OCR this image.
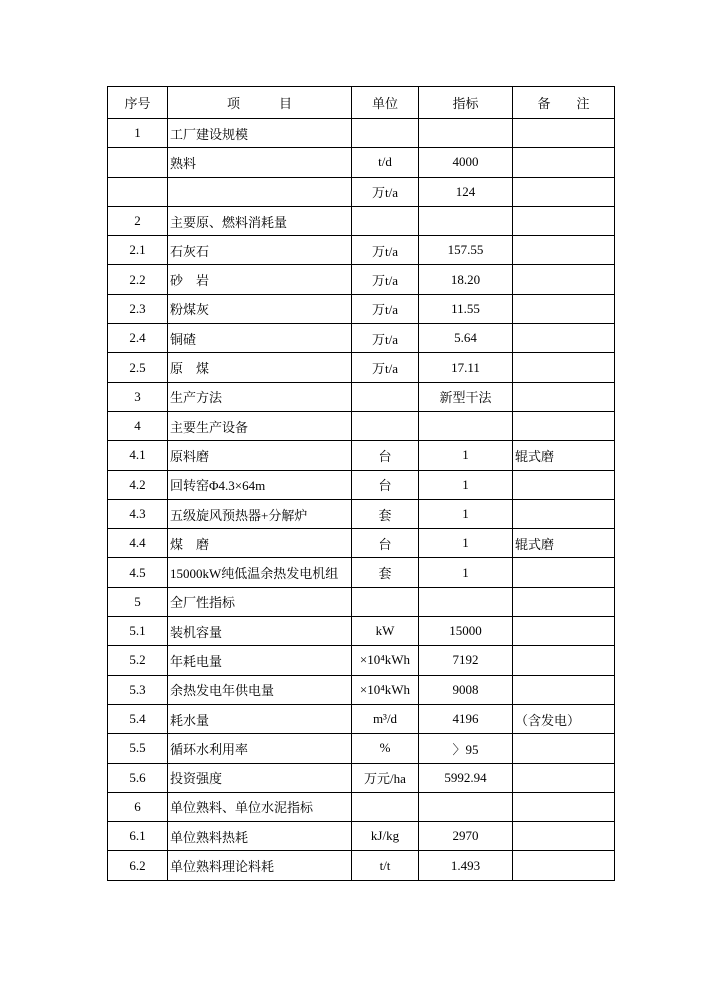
序号	项　　　目	单位	指标	备　　注
1	工厂建设规模			
	熟料	t/d	4000	
		万t/a	124	
2	主要原、燃料消耗量			
2.1	石灰石	万t/a	157.55	
2.2	砂　岩	万t/a	18.20	
2.3	粉煤灰	万t/a	11.55	
2.4	铜碴	万t/a	5.64	
2.5	原　煤	万t/a	17.11	
3	生产方法		新型干法	
4	主要生产设备			
4.1	原料磨	台	1	辊式磨
4.2	回转窑Φ4.3×64m	台	1	
4.3	五级旋风预热器+分解炉	套	1	
4.4	煤　磨	台	1	辊式磨
4.5	15000kW纯低温余热发电机组	套	1	
5	全厂性指标			
5.1	装机容量	kW	15000	
5.2	年耗电量	×10⁴kWh	7192	
5.3	余热发电年供电量	×10⁴kWh	9008	
5.4	耗水量	m³/d	4196	（含发电）
5.5	循环水利用率	%	〉95	
5.6	投资强度	万元/ha	5992.94	
6	单位熟料、单位水泥指标			
6.1	单位熟料热耗	kJ/kg	2970	
6.2	单位熟料理论料耗	t/t	1.493	
